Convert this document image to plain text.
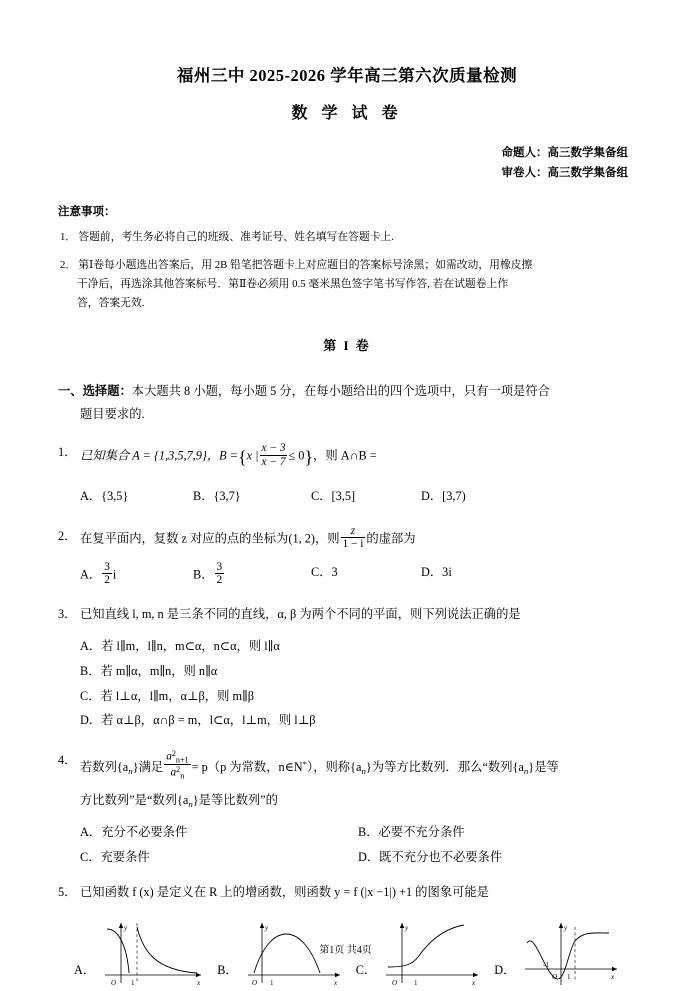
福州三中 2025-2026 学年高三第六次质量检测
数 学 试 卷
命题人：高三数学集备组
审卷人：高三数学集备组
注意事项：
1． 答题前，考生务必将自己的班级、准考证号、姓名填写在答题卡上.
2． 第Ⅰ卷每小题选出答案后，用 2B 铅笔把答题卡上对应题目的答案标号涂黑；如需改动，用橡皮擦
干净后，再选涂其他答案标号．第Ⅱ卷必须用 0.5 毫米黑色签字笔书写作答, 若在试题卷上作
答，答案无效.
第 I 卷
一、选择题：本大题共 8 小题，每小题 5 分，在每小题给出的四个选项中，只有一项是符合
题目要求的.
1． 已知集合 A = {1,3,5,7,9}，B ={x | $\frac{x - 3}{x - 7} \le 0$}，则 A∩B =
A．{3,5}	B．{3,7}	C．[3,5]	D．[3,7)
2． 在复平面内，复数 z 对应的点的坐标为(1, 2)，则 $\frac{z}{1 - i}$ 的虚部为
A． $\frac{3}{2}$ i	B． $\frac{3}{2}$	C．3	D．3i
3． 已知直线 l, m, n 是三条不同的直线，α, β 为两个不同的平面，则下列说法正确的是
A．若 l∥m，l∥n，m⊂α，n⊂α，则 l∥α
B．若 m∥α，m∥n，则 n∥α
C．若 l⊥α，l∥m，α⊥β，则 m∥β
D．若 α⊥β，α∩β = m，l⊂α，l⊥m，则 l⊥β
4． 若数列$\{a_n\}$满足 $\frac{a^2_{n+1}}{a^2_n} = p(p$ 为常数，n∈N*），则称$\{a_n\}$为等方比数列．那么“数列$\{a_n\}$是等
方比数列”是“数列$\{a_n\}$是等比数列”的
A．充分不必要条件	B．必要不充分条件
C．充要条件	D．既不充分也不必要条件
5． 已知函数 f (x) 是定义在 R 上的增函数，则函数 y = f (|x −1|) +1 的图象可能是
A．
y
x
O 1
B．
y
x
O 1
C．
y
x
O 1
D．
y
x
-1
O 1
第1页 共4页
